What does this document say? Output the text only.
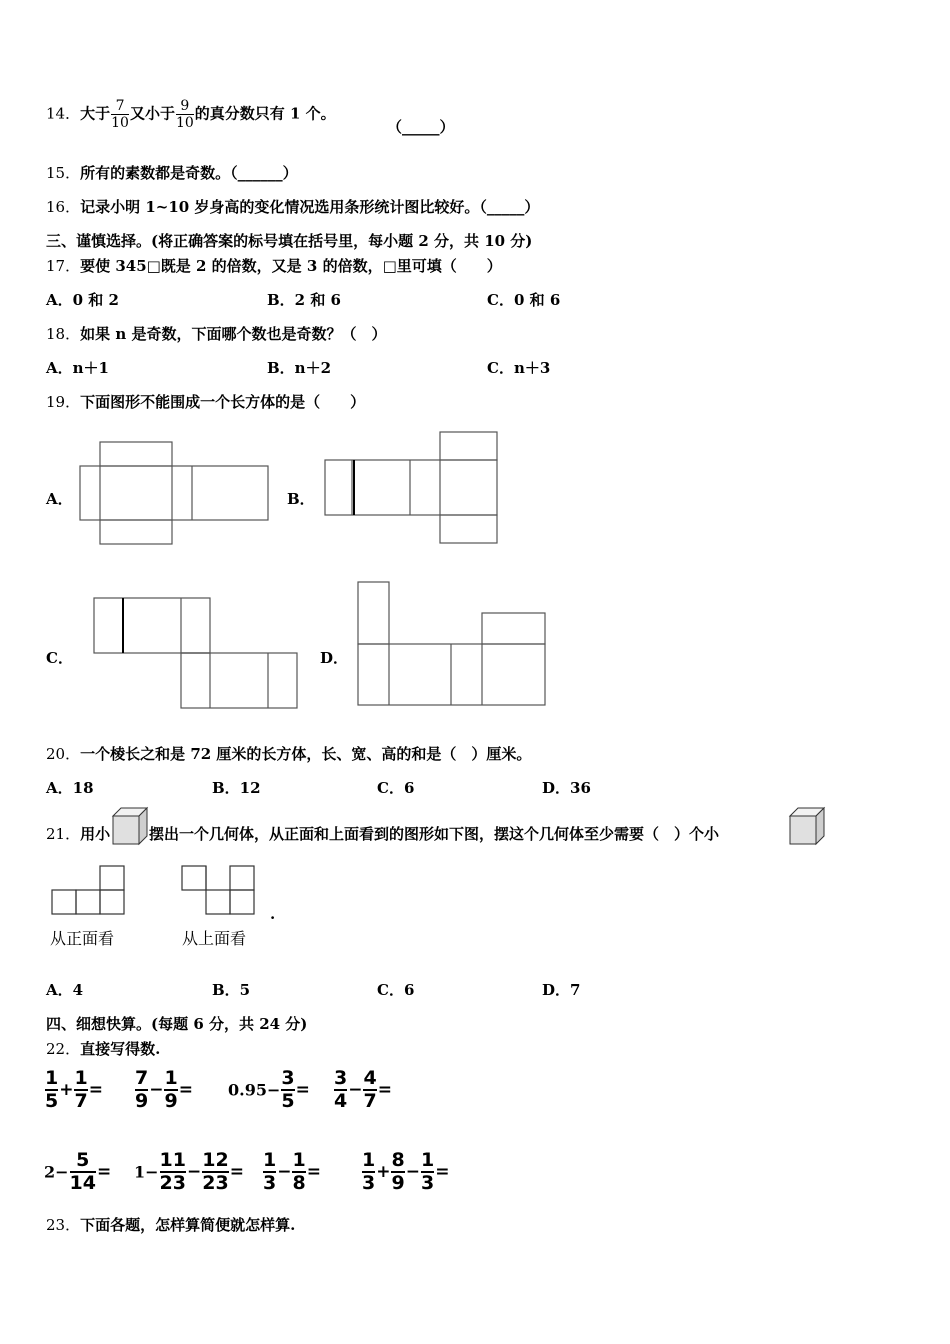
14．大于 $\frac{7}{10}$ 又小于 $\frac{9}{10}$ 的真分数只有 1 个。
（_____）
15．所有的素数都是奇数。（______）
16．记录小明 1~10 岁身高的变化情况选用条形统计图比较好。（_____）
三、谨慎选择。(将正确答案的标号填在括号里，每小题 2 分，共 10 分)
17．要使 345□既是 2 的倍数，又是 3 的倍数，□里可填（　　）
A．0 和 2	B．2 和 6	C．0 和 6
18．如果 n 是奇数，下面哪个数也是奇数？（　）
A．n＋1	B．n＋2	C．n＋3
19．下面图形不能围成一个长方体的是（　　）
A．	B．
C．	D．
20．一个棱长之和是 72 厘米的长方体，长、宽、高的和是（　）厘米。
A．18	B．12	C．6	D．36
21．用小	摆出一个几何体，从正面和上面看到的图形如下图，摆这个几何体至少需要（　）个小
从正面看	从上面看
.
A．4	B．5	C．6	D．7
四、细想快算。(每题 6 分，共 24 分)
22．直接写得数.
$\frac{1}{5} + \frac{1}{7} = \frac{7}{9} - \frac{1}{9} = 0.95- \frac{3}{5} = \frac{3}{4} - \frac{4}{7}$ =
$2- \frac{5}{14} = 1- \frac{11}{23} - \frac{12}{23} = \frac{1}{3} - \frac{1}{8} = \frac{1}{3} + \frac{8}{9} - \frac{1}{3}$ =
23．下面各题，怎样算简便就怎样算.
